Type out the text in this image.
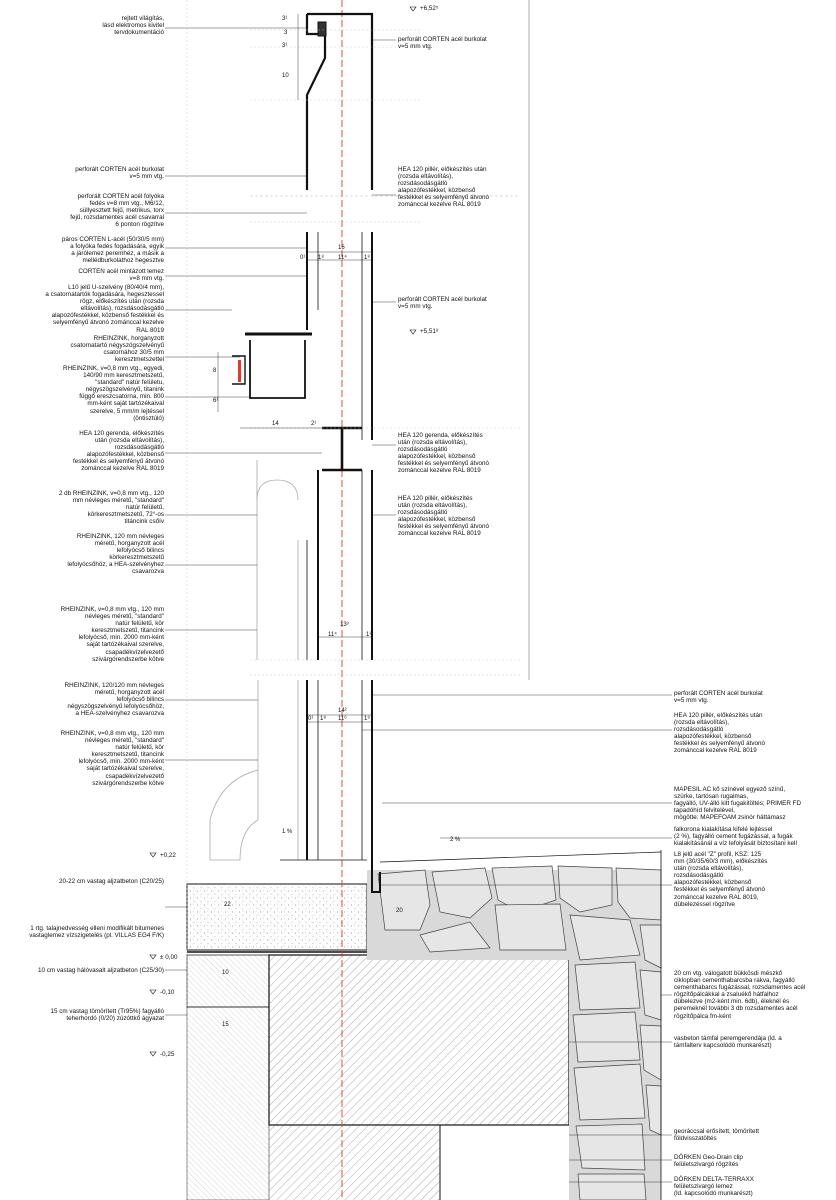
+6,52⁵
+5,51⁸
+0,22
± 0,00
-0,10
-0,25
3¹
3
3¹
10
16
0¹ 1⁸ 11⁴	1⁸
8
6¹
14	2¹
13³
11⁴	1⁸
14²
0¹ 1⁸ 11⁶	1⁸
22
20
10
15
1 %
2 %
rejtett világítás,
lásd elektromos kivitel
tervdokumentáció
perforált CORTEN acél burkolat
v=5 mm vtg.
perforált CORTEN acél folyóka
fedés v=8 mm vtg., M6/12,
süllyesztett fejű, metrikus, torx
fejű, rozsdamentes acél csavarral
6 ponton rögzítve
páros CORTEN L-acél (50/30/5 mm)
a folyóka fedés fogadására, egyik
a járólemez peremhéz, a másik a
mellédburkolathoz hegesztve
CORTEN acél mintázott lemez
v=8 mm vtg.
L10 jelű U-szelvény (80/40/4 mm),
a csatornatartók fogadására, hegesztessel
rögz, előkészítés után (rozsda
eltávolítás), rozsdásodásgátló
alapozófestékkel, közbenső festékkel és
selyemfényű átvonó zománccal kezelve
RAL 8019
RHEINZINK, horganyzott
csatornatartó négyszögszelvényű
csatornához 30/5 mm
keresztmetszettel
RHEINZINK, v=0,8 mm vtg., egyedi,
140/90 mm keresztmetszetű,
"standard" natúr felületu,
négyszögszelvényű, titanink
függő ereszcsatorna, min. 800
mm-ként saját tartózékaival
szerelve, 5 mm/m lejtéssel
(öntisztúló)
HEA 120 gerenda, előkészítés
után (rozsda eltávolítás),
rozsdásodásgátló
alapozófestékkel, közbenső
festékkel és selyemfényű átvonó
zománccal kezelve RAL 8019
2 db RHEINZINK, v=0,8 mm vtg., 120
mm névleges méretű, "standard"
natúr felületű,
körkeresztmetszetű, 72°-os
titáncink csőív
RHEINZINK, 120 mm névleges
méretű, horganyzott acél
lefolyócső bilincs
körkeresztmetszetű
lefolyócsőhöz, a HEA-szelvényhez
csavarozva
RHEINZINK, v=0,8 mm vtg., 120 mm
névleges méretű, "standard"
natúr felületű, kör
keresztmetszetű, titancink
lefolyócső, min. 2000 mm-ként
saját tartózékaival szerelve,
csapadékvízelvezető
szivárgórendszerbe kötve
RHEINZINK, 120/120 mm névleges
méretű, horganyzott acél
lefolyócső bilincs
négyszögszelvényű lefolyócsőhöz,
a HEA-szelvényhez csavarozva
RHEINZINK, v=0,8 mm vtg., 120 mm
névleges méretű, "standard"
natúr felületű, kör
keresztmetszetű, titancink
lefolyócső, min. 2000 mm-ként
saját tartózékaival szerelve,
csapadékvízelvezető
szivárgórendszerbe kötve
20-22 cm vastag aljzatbeton (C20/25)
1 rtg. talajnedvesség elleni modifikált bitumenes
vastaglemez vízszigetelés (pl. VILLAS EG4 F/K)
10 cm vastag hálóvasalt aljzatbeton (C25/30)
15 cm vastag tömörített (Tr95%) fagyálló
teherhordó (0/20) zúzóttkő ágyazat
perforált CORTEN acél burkolat
v=5 mm vtg.
HEA 120 pillér, előkészítés után
(rozsda eltávolítás),
rozsdásodásgátló
alapozófestékkel, közbenső
festékkel és selyemfényű átvonó
zománccal kezelve RAL 8019
perforált CORTEN acél burkolat
v=5 mm vtg.
HEA 120 gerenda, előkészítés
után (rozsda eltávolítás),
rozsdásodásgátló
alapozófestékkel, közbenső
festékkel és selyemfényű átvonó
zománccal kezelve RAL 8019
HEA 120 pillér, előkészítés
után (rozsda eltávolítás),
rozsdásodásgátló
alapozófestékkel, közbenső
festékkel és selyemfényű átvonó
zománccal kezelve RAL 8019
perforált CORTEN acél burkolat
v=5 mm vtg.
HEA 120 pillér, előkészítés után
(rozsda eltávolítás),
rozsdásodásgátló
alapozófestékkel, közbenső
festékkel és selyemfényű átvonó
zománccal kezelve RAL 8019
MAPESIL AC kő színével egyező színű,
szürke, tartósan rugalmas,
fagyálló, UV-álló kitt fugakitöltés; PRIMER FD
tapadóhíd felvitelével,
mögötte: MAPEFOAM zsinór háttámasz
falkorona kialakítása kifelé lejtéssel
(2 %), fagyálló cement fugázással, a fugák
kialakításánál a víz lefolyását biztosítani kell
L8 jelű acél "Z" profil, KSZ: 125
mm (30/35/60/3 mm), előkészítés
után (rozsda eltávolítás),
rozsdásodásgátló
alapozófestékkel, közbenső
festékkel és selyemfényű átvonó
zománccal kezelve RAL 8019,
dübelezéssel rögzítve
20 cm vtg. válogatott bükkösdi mészkő
ciklopban cementhabarcsba rakva, fagyálló
cementhabarcs fugázással, rozsdamentes acél
rögzítőpálcákkal a zsaluékő hátfalhoz
dübelezve (m2-ként min. 6db), éleknél és
peremeknél további 3 db rozsdamentes acél
rögzítőpálca fm-ként
vasbeton támfal peremgerendája (ld. a
támfalterv kapcsolódó munkarészt)
georáccsal erősített, tömörített
földvisszatöltés
DÖRKEN Geo-Drain clip
felületszivargó rögzítés
DÖRKEN DELTA-TERRAXX
felületszivargó lemez
(ld. kapcsolódó munkarészt)
